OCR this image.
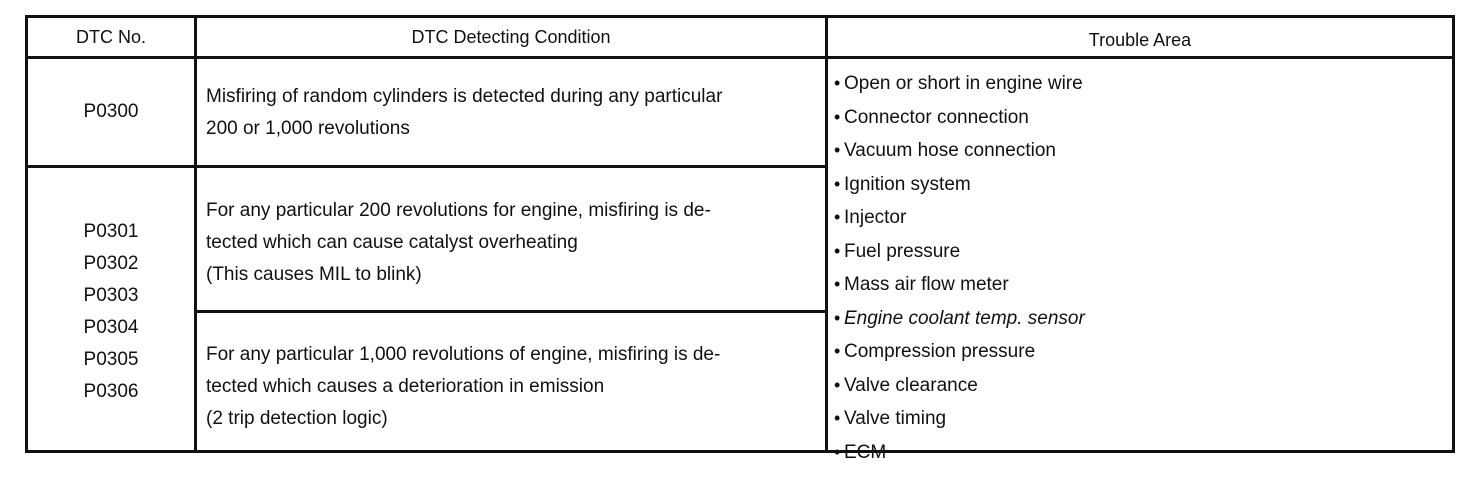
DTC No.	DTC Detecting Condition	Trouble Area
P0300
Misfiring of random cylinders is detected during any particular
200 or 1,000 revolutions
P0301
P0302
P0303
P0304
P0305
P0306
For any particular 200 revolutions for engine, misfiring is de-
tected which can cause catalyst overheating
(This causes MIL to blink)
For any particular 1,000 revolutions of engine, misfiring is de-
tected which causes a deterioration in emission
(2 trip detection logic)
• Open or short in engine wire
• Connector connection
• Vacuum hose connection
• Ignition system
• Injector
• Fuel pressure
• Mass air flow meter
• Engine coolant temp. sensor
• Compression pressure
• Valve clearance
• Valve timing
• ECM
